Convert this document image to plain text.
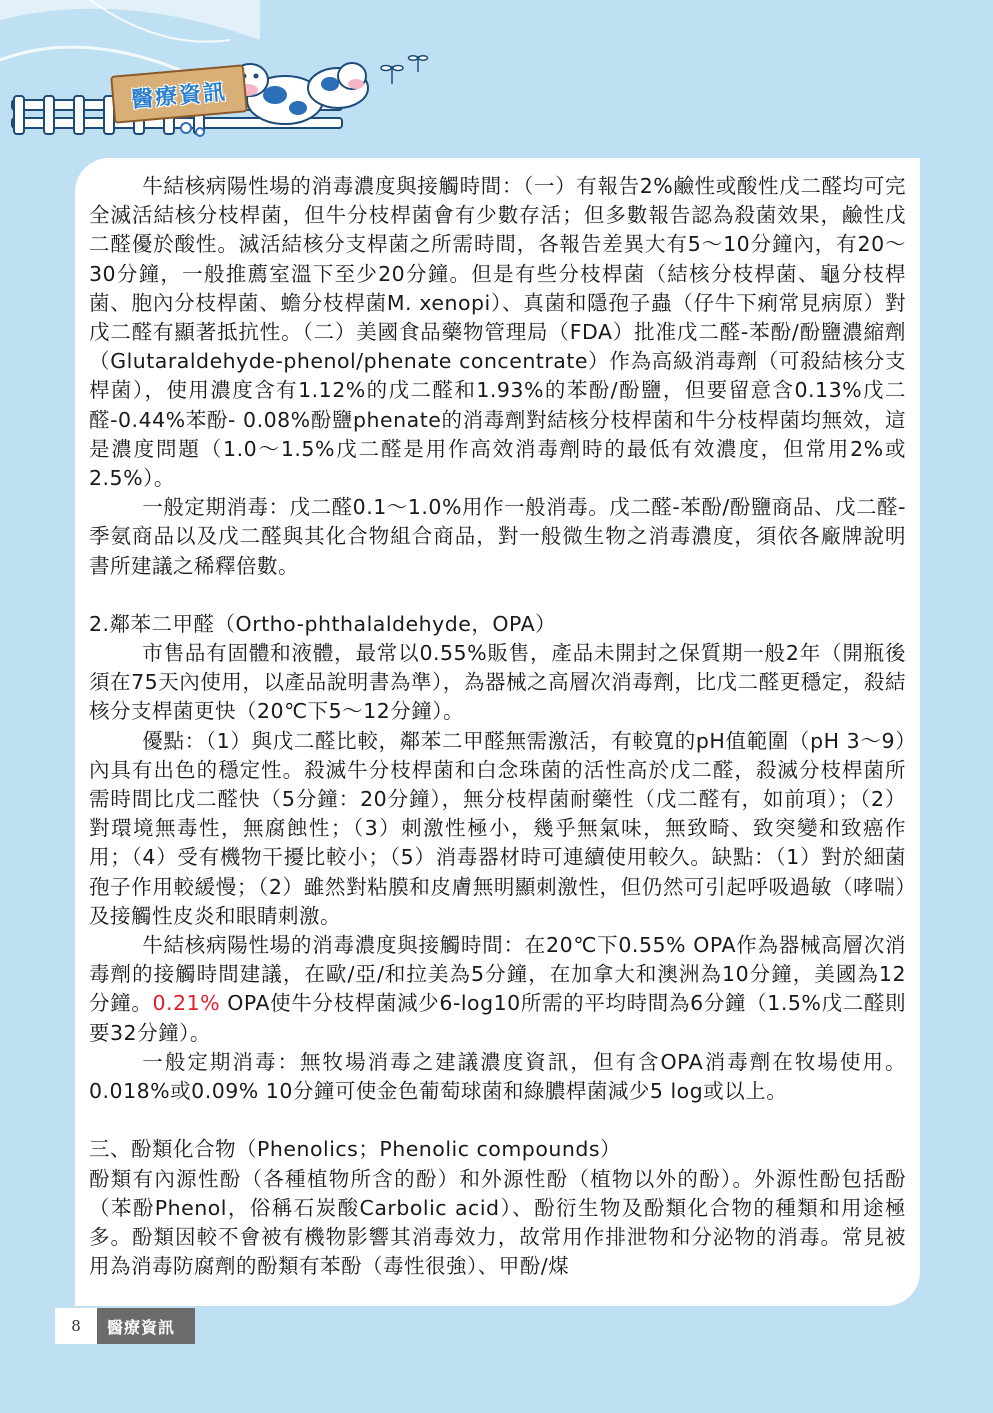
醫療資訊

牛結核病陽性場的消毒濃度與接觸時間：（一）有報告2%鹼性或酸性戊二醛均可完全滅活結核分枝桿菌，但牛分枝桿菌會有少數存活；但多數報告認為殺菌效果，鹼性戊二醛優於酸性。滅活結核分支桿菌之所需時間，各報告差異大有5～10分鐘內，有20～30分鐘，一般推薦室溫下至少20分鐘。但是有些分枝桿菌（結核分枝桿菌、龜分枝桿菌、胞內分枝桿菌、蟾分枝桿菌M. xenopi）、真菌和隱孢子蟲（仔牛下痢常見病原）對戊二醛有顯著抵抗性。（二）美國食品藥物管理局（FDA）批准戊二醛-苯酚/酚鹽濃縮劑（Glutaraldehyde-phenol/phenate concentrate）作為高級消毒劑（可殺結核分支桿菌），使用濃度含有1.12%的戊二醛和1.93%的苯酚/酚鹽，但要留意含0.13%戊二醛-0.44%苯酚- 0.08%酚鹽phenate的消毒劑對結核分枝桿菌和牛分枝桿菌均無效，這是濃度問題（1.0～1.5%戊二醛是用作高效消毒劑時的最低有效濃度，但常用2%或2.5%）。

一般定期消毒：戊二醛0.1～1.0%用作一般消毒。戊二醛-苯酚/酚鹽商品、戊二醛-季氨商品以及戊二醛與其化合物組合商品，對一般微生物之消毒濃度，須依各廠牌說明書所建議之稀釋倍數。

2.鄰苯二甲醛（Ortho-phthalaldehyde，OPA）

市售品有固體和液體，最常以0.55%販售，產品未開封之保質期一般2年（開瓶後須在75天內使用，以產品說明書為準），為器械之高層次消毒劑，比戊二醛更穩定，殺結核分支桿菌更快（20℃下5～12分鐘）。

優點：（1）與戊二醛比較，鄰苯二甲醛無需激活，有較寬的pH值範圍（pH 3～9）內具有出色的穩定性。殺滅牛分枝桿菌和白念珠菌的活性高於戊二醛，殺滅分枝桿菌所需時間比戊二醛快（5分鐘：20分鐘），無分枝桿菌耐藥性（戊二醛有，如前項）；（2）對環境無毒性，無腐蝕性；（3）刺激性極小，幾乎無氣味，無致畸、致突變和致癌作用；（4）受有機物干擾比較小；（5）消毒器材時可連續使用較久。缺點：（1）對於細菌孢子作用較緩慢；（2）雖然對粘膜和皮膚無明顯刺激性，但仍然可引起呼吸過敏（哮喘）及接觸性皮炎和眼睛刺激。

牛結核病陽性場的消毒濃度與接觸時間：在20℃下0.55% OPA作為器械高層次消毒劑的接觸時間建議，在歐/亞/和拉美為5分鐘，在加拿大和澳洲為10分鐘，美國為12分鐘。0.21% OPA使牛分枝桿菌減少6-log10所需的平均時間為6分鐘（1.5%戊二醛則要32分鐘）。

一般定期消毒：無牧場消毒之建議濃度資訊，但有含OPA消毒劑在牧場使用。0.018%或0.09% 10分鐘可使金色葡萄球菌和綠膿桿菌減少5 log或以上。

三、酚類化合物（Phenolics；Phenolic compounds）

酚類有內源性酚（各種植物所含的酚）和外源性酚（植物以外的酚）。外源性酚包括酚（苯酚Phenol，俗稱石炭酸Carbolic acid）、酚衍生物及酚類化合物的種類和用途極多。酚類因較不會被有機物影響其消毒效力，故常用作排泄物和分泌物的消毒。常見被用為消毒防腐劑的酚類有苯酚（毒性很強）、甲酚/煤

8	醫療資訊
